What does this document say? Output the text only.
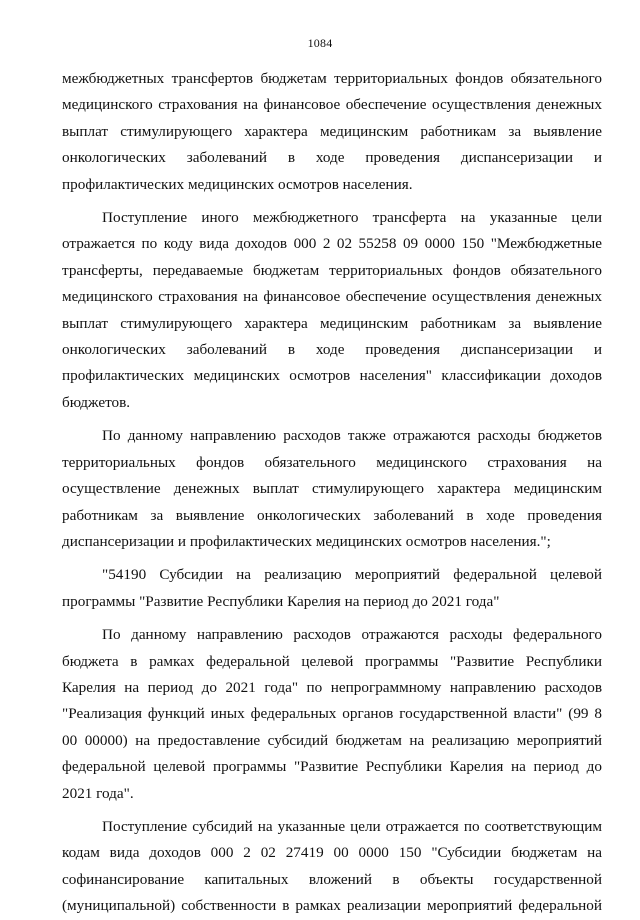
1084

межбюджетных трансфертов бюджетам территориальных фондов обязательного медицинского страхования на финансовое обеспечение осуществления денежных выплат стимулирующего характера медицинским работникам за выявление онкологических заболеваний в ходе проведения диспансеризации и профилактических медицинских осмотров населения.

Поступление иного межбюджетного трансферта на указанные цели отражается по коду вида доходов 000 2 02 55258 09 0000 150 "Межбюджетные трансферты, передаваемые бюджетам территориальных фондов обязательного медицинского страхования на финансовое обеспечение осуществления денежных выплат стимулирующего характера медицинским работникам за выявление онкологических заболеваний в ходе проведения диспансеризации и профилактических медицинских осмотров населения" классификации доходов бюджетов.

По данному направлению расходов также отражаются расходы бюджетов территориальных фондов обязательного медицинского страхования на осуществление денежных выплат стимулирующего характера медицинским работникам за выявление онкологических заболеваний в ходе проведения диспансеризации и профилактических медицинских осмотров населения.";

"54190 Субсидии на реализацию мероприятий федеральной целевой программы "Развитие Республики Карелия на период до 2021 года"

По данному направлению расходов отражаются расходы федерального бюджета в рамках федеральной целевой программы "Развитие Республики Карелия на период до 2021 года" по непрограммному направлению расходов "Реализация функций иных федеральных органов государственной власти" (99 8 00 00000) на предоставление субсидий бюджетам на реализацию мероприятий федеральной целевой программы "Развитие Республики Карелия на период до 2021 года".

Поступление субсидий на указанные цели отражается по соответствующим кодам вида доходов 000 2 02 27419 00 0000 150 "Субсидии бюджетам на софинансирование капитальных вложений в объекты государственной (муниципальной) собственности в рамках реализации мероприятий федеральной
